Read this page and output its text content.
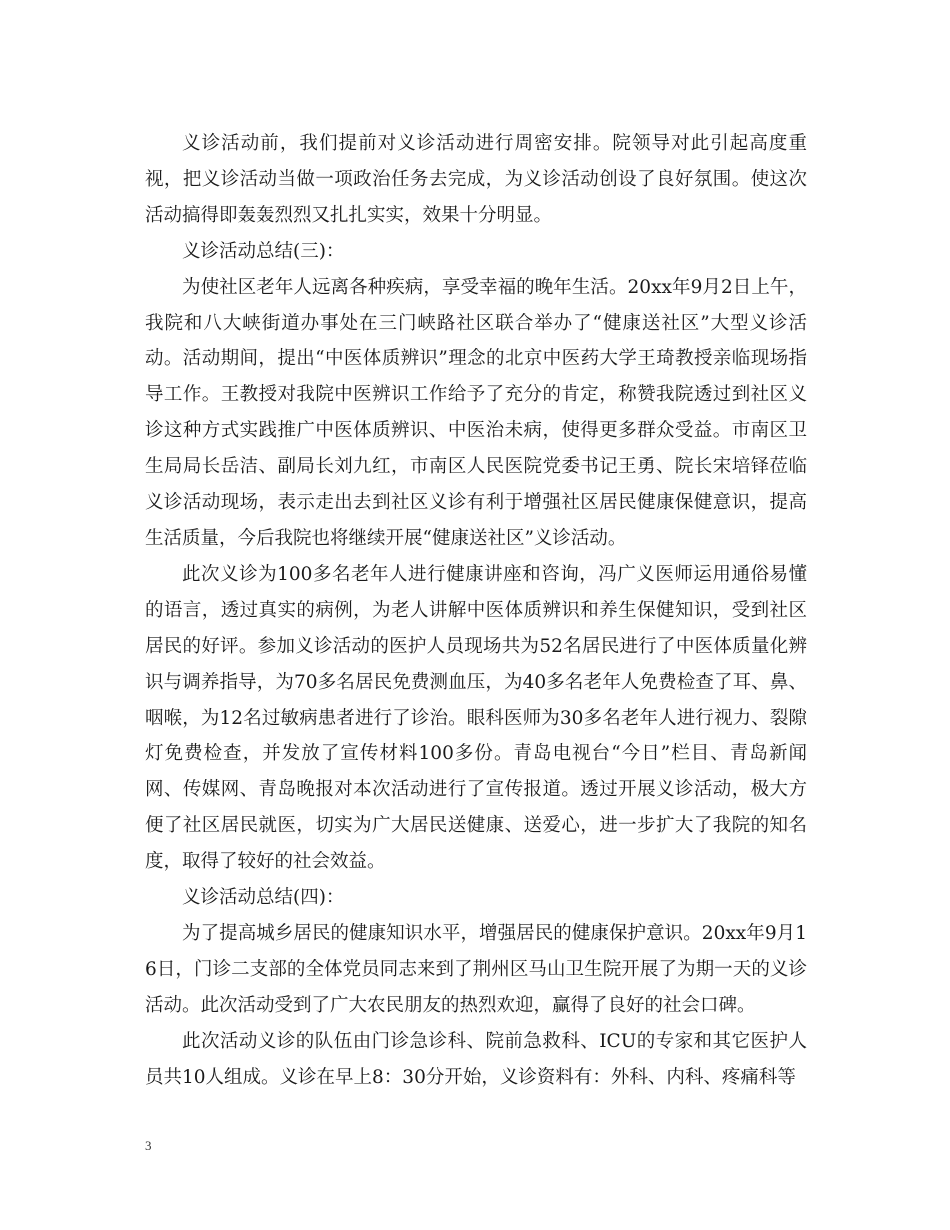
义诊活动前，我们提前对义诊活动进行周密安排。院领导对此引起高度重视，把义诊活动当做一项政治任务去完成，为义诊活动创设了良好氛围。使这次活动搞得即轰轰烈烈又扎扎实实，效果十分明显。

义诊活动总结(三)：

为使社区老年人远离各种疾病，享受幸福的晚年生活。20xx年9月2日上午，我院和八大峡街道办事处在三门峡路社区联合举办了“健康送社区”大型义诊活动。活动期间，提出“中医体质辨识”理念的北京中医药大学王琦教授亲临现场指导工作。王教授对我院中医辨识工作给予了充分的肯定，称赞我院透过到社区义诊这种方式实践推广中医体质辨识、中医治未病，使得更多群众受益。市南区卫生局局长岳洁、副局长刘九红，市南区人民医院党委书记王勇、院长宋培铎莅临义诊活动现场，表示走出去到社区义诊有利于增强社区居民健康保健意识，提高生活质量，今后我院也将继续开展“健康送社区”义诊活动。

此次义诊为100多名老年人进行健康讲座和咨询，冯广义医师运用通俗易懂的语言，透过真实的病例，为老人讲解中医体质辨识和养生保健知识，受到社区居民的好评。参加义诊活动的医护人员现场共为52名居民进行了中医体质量化辨识与调养指导，为70多名居民免费测血压，为40多名老年人免费检查了耳、鼻、咽喉，为12名过敏病患者进行了诊治。眼科医师为30多名老年人进行视力、裂隙灯免费检查，并发放了宣传材料100多份。青岛电视台“今日”栏目、青岛新闻网、传媒网、青岛晚报对本次活动进行了宣传报道。透过开展义诊活动，极大方便了社区居民就医，切实为广大居民送健康、送爱心，进一步扩大了我院的知名度，取得了较好的社会效益。

义诊活动总结(四)：

为了提高城乡居民的健康知识水平，增强居民的健康保护意识。20xx年9月16日，门诊二支部的全体党员同志来到了荆州区马山卫生院开展了为期一天的义诊活动。此次活动受到了广大农民朋友的热烈欢迎，赢得了良好的社会口碑。

此次活动义诊的队伍由门诊急诊科、院前急救科、ICU的专家和其它医护人员共10人组成。义诊在早上8：30分开始，义诊资料有：外科、内科、疼痛科等

3
